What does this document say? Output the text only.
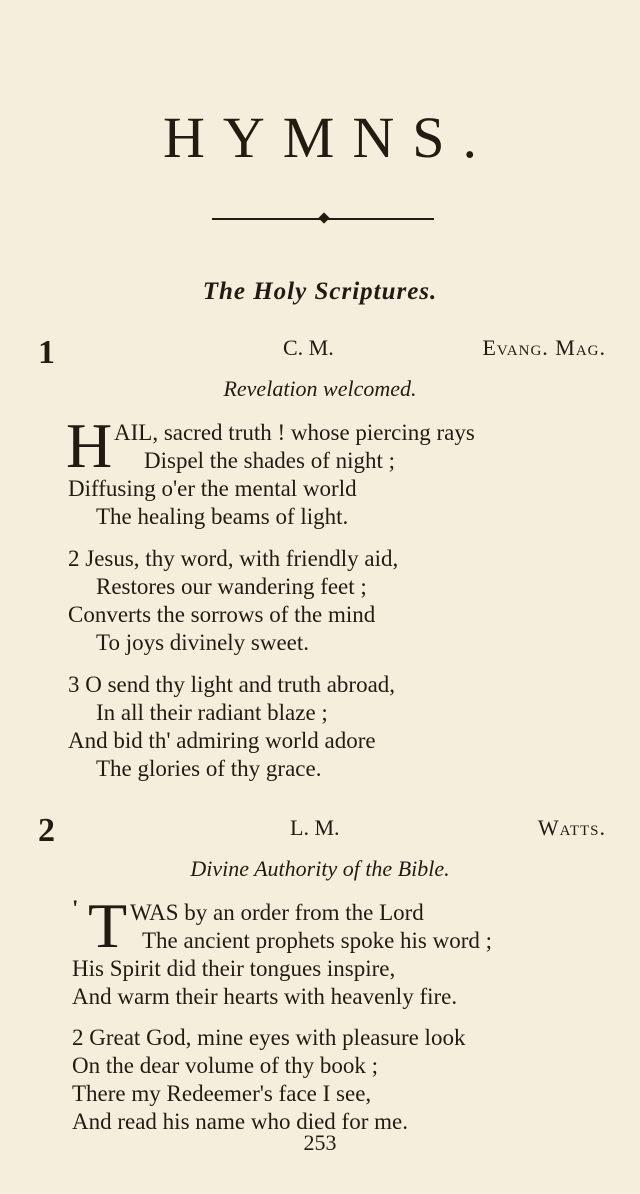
HYMNS.
The Holy Scriptures.
1	C. M.	Evang. Mag.
Revelation welcomed.
H AIL, sacred truth ! whose piercing rays
Dispel the shades of night ;
Diffusing o'er the mental world
The healing beams of light.
2 Jesus, thy word, with friendly aid,
Restores our wandering feet ;
Converts the sorrows of the mind
To joys divinely sweet.
3 O send thy light and truth abroad,
In all their radiant blaze ;
And bid th' admiring world adore
The glories of thy grace.
2	L. M.	Watts.
Divine Authority of the Bible.
' T WAS by an order from the Lord
The ancient prophets spoke his word ;
His Spirit did their tongues inspire,
And warm their hearts with heavenly fire.
2 Great God, mine eyes with pleasure look
On the dear volume of thy book ;
There my Redeemer's face I see,
And read his name who died for me.
253
